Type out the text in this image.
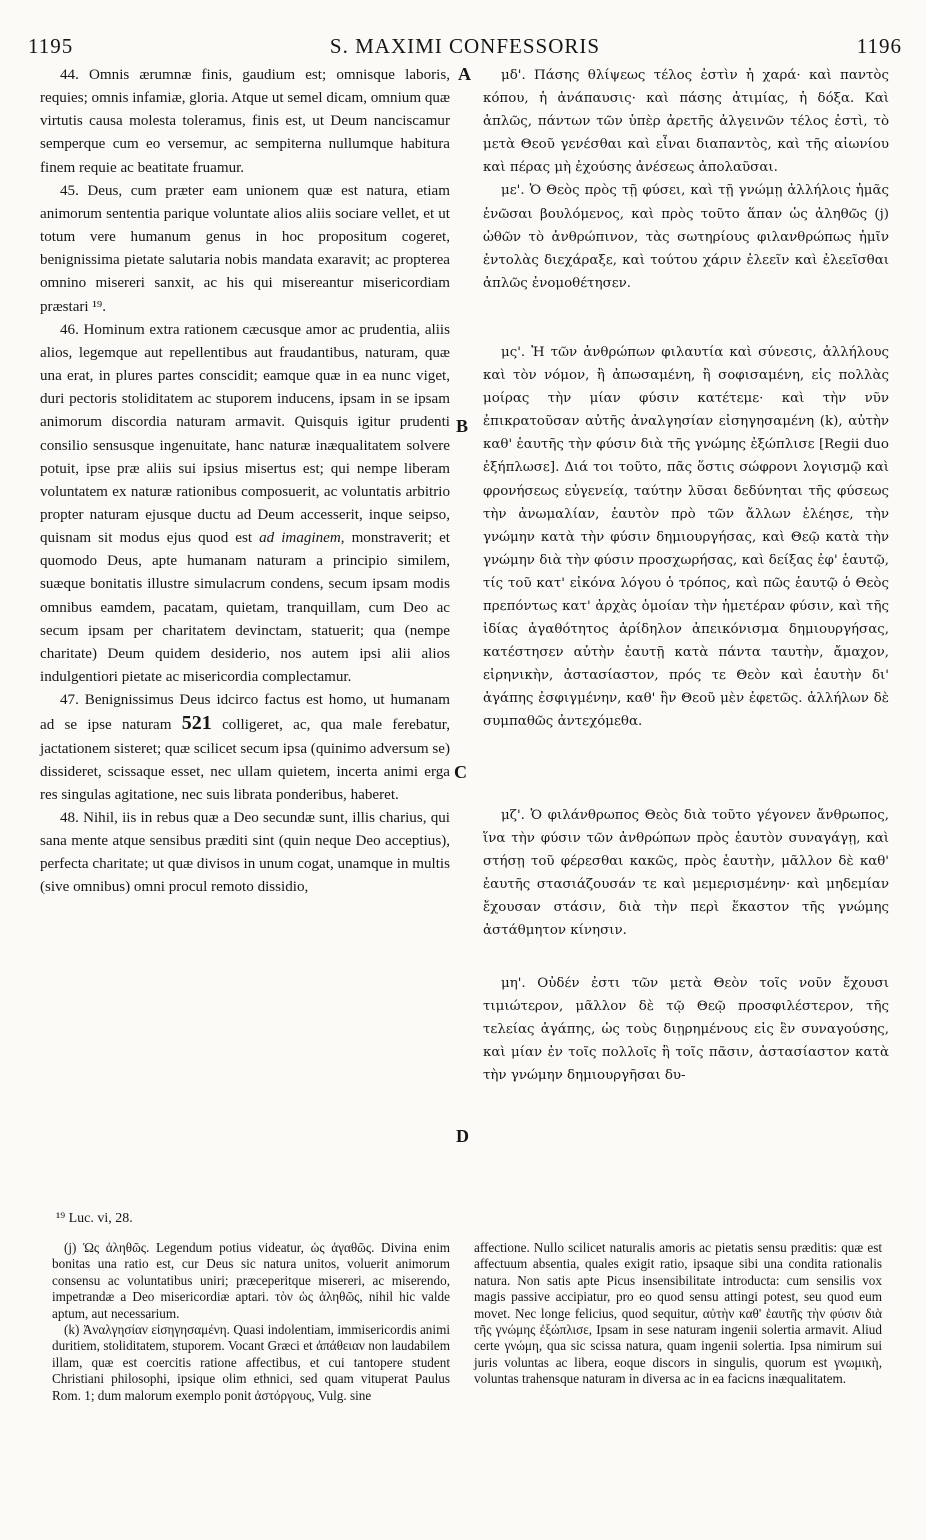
1195	S. MAXIMI CONFESSORIS	1196
A
B
C
D

44. Omnis ærumnæ finis, gaudium est; omnisque laboris, requies; omnis infamiæ, gloria. Atque ut semel dicam, omnium quæ virtutis causa molesta toleramus, finis est, ut Deum nanciscamur semperque cum eo versemur, ac sempiterna nullumque habitura finem requie ac beatitate fruamur.

45. Deus, cum præter eam unionem quæ est naturа, etiam animorum sententia parique voluntate alios aliis sociare vellet, et ut totum vere humanum genus in hoc propositum cogeret, benignissima pietate salutaria nobis mandata exaravit; ac propterea omnino misereri sanxit, ac his qui misereantur misericordiam præstari ¹⁹.

46. Hominum extra rationem cæcusque amor ac prudentia, aliis alios, legemque aut repellentibus aut fraudantibus, naturam, quæ una erat, in plures partes conscidit; eamque quæ in ea nunc viget, duri pectoris stoliditatem ac stuporem inducens, ipsam in se ipsam animorum discordia naturam armavit. Quisquis igitur prudenti consilio sensusque ingenuitate, hanc naturæ inæqualitatem solvere potuit, ipse præ aliis sui ipsius misertus est; qui nempe liberam voluntatem ex naturæ rationibus composuerit, ac voluntatis arbitrio propter naturam ejusque ductu ad Deum accesserit, inque seipso, quisnam sit modus ejus quod est ad imaginem, monstraverit; et quomodo Deus, apte humanam naturam a principio similem, suæque bonitatis illustre simulacrum condens, secum ipsam modis omnibus eamdem, pacatam, quietam, tranquillam, cum Deo ac secum ipsam per charitatem devinctam, statuerit; qua (nempe charitate) Deum quidem desiderio, nos autem ipsi alii alios indulgentiori pietate ac misericordia complectamur.

47. Benignissimus Deus idcirco factus est homo, ut humanam ad se ipse naturam 521 colligeret, ac, qua male ferebatur, jactationem sisteret; quæ scilicet secum ipsa (quinimo adversum se) dissideret, scissaque esset, nec ullam quietem, incerta animi erga res singulas agitatione, nec suis librata ponderibus, haberet.

48. Nihil, iis in rebus quæ a Deo secundæ sunt, illis charius, qui sana mente atque sensibus præditi sint (quin neque Deo acceptius), perfecta charitate; ut quæ divisos in unum cogat, unamque in multis (sive omnibus) omni procul remoto dissidio,

μδ'. Πάσης θλίψεως τέλος ἐστὶν ἡ χαρά· καὶ παντὸς κόπου, ἡ ἀνάπαυσις· καὶ πάσης ἀτιμίας, ἡ δόξα. Καὶ ἁπλῶς, πάντων τῶν ὑπὲρ ἀρετῆς ἀλγεινῶν τέλος ἐστὶ, τὸ μετὰ Θεοῦ γενέσθαι καὶ εἶναι διαπαντὸς, καὶ τῆς αἰωνίου καὶ πέρας μὴ ἐχούσης ἀνέσεως ἀπολαῦσαι.

με'. Ὁ Θεὸς πρὸς τῇ φύσει, καὶ τῇ γνώμῃ ἀλλήλοις ἡμᾶς ἑνῶσαι βουλόμενος, καὶ πρὸς τοῦτο ἅπαν ὡς ἀληθῶς (j) ὠθῶν τὸ ἀνθρώπινον, τὰς σωτηρίους φιλανθρώπως ἡμῖν ἐντολὰς διεχάραξε, καὶ τούτου χάριν ἐλεεῖν καὶ ἐλεεῖσθαι ἁπλῶς ἐνομοθέτησεν.

μς'. Ἡ τῶν ἀνθρώπων φιλαυτία καὶ σύνεσις, ἀλλήλους καὶ τὸν νόμον, ἢ ἀπωσαμένη, ἢ σοφισαμένη, εἰς πολλὰς μοίρας τὴν μίαν φύσιν κατέτεμε· καὶ τὴν νῦν ἐπικρατοῦσαν αὐτῆς ἀναλγησίαν εἰσηγησαμένη (k), αὐτὴν καθ' ἑαυτῆς τὴν φύσιν διὰ τῆς γνώμης ἐξώπλισε [Regii duo ἐξήπλωσε]. Διά τοι τοῦτο, πᾶς ὅστις σώφρονι λογισμῷ καὶ φρονήσεως εὐγενείᾳ, ταύτην λῦσαι δεδύνηται τῆς φύσεως τὴν ἀνωμαλίαν, ἑαυτὸν πρὸ τῶν ἄλλων ἐλέησε, τὴν γνώμην κατὰ τὴν φύσιν δημιουργήσας, καὶ Θεῷ κατὰ τὴν γνώμην διὰ τὴν φύσιν προσχωρήσας, καὶ δείξας ἐφ' ἑαυτῷ, τίς τοῦ κατ' εἰκόνα λόγου ὁ τρόπος, καὶ πῶς ἑαυτῷ ὁ Θεὸς πρεπόντως κατ' ἀρχὰς ὁμοίαν τὴν ἡμετέραν φύσιν, καὶ τῆς ἰδίας ἀγαθότητος ἀρίδηλον ἀπεικόνισμα δημιουργήσας, κατέστησεν αὐτὴν ἑαυτῇ κατὰ πάντα ταυτὴν, ἄμαχον, εἰρηνικὴν, ἀστασίαστον, πρός τε Θεὸν καὶ ἑαυτὴν δι' ἀγάπης ἐσφιγμένην, καθ' ἣν Θεοῦ μὲν ἐφετῶς. ἀλλήλων δὲ συμπαθῶς ἀντεχόμεθα.

μζ'. Ὁ φιλάνθρωπος Θεὸς διὰ τοῦτο γέγονεν ἄνθρωπος, ἵνα τὴν φύσιν τῶν ἀνθρώπων πρὸς ἑαυτὸν συναγάγῃ, καὶ στήσῃ τοῦ φέρεσθαι κακῶς, πρὸς ἑαυτὴν, μᾶλλον δὲ καθ' ἑαυτῆς στασιάζουσάν τε καὶ μεμερισμένην· καὶ μηδεμίαν ἔχουσαν στάσιν, διὰ τὴν περὶ ἕκαστον τῆς γνώμης ἀστάθμητον κίνησιν.

μη'. Οὐδέν ἐστι τῶν μετὰ Θεὸν τοῖς νοῦν ἔχουσι τιμιώτερον, μᾶλλον δὲ τῷ Θεῷ προσφιλέστερον, τῆς τελείας ἀγάπης, ὡς τοὺς διῃρημένους εἰς ἓν συναγούσης, καὶ μίαν ἐν τοῖς πολλοῖς ἢ τοῖς πᾶσιν, ἀστασίαστον κατὰ τὴν γνώμην δημιουργῆσαι δυ-

¹⁹ Luc. vi, 28.

(j) Ὡς ἀληθῶς. Legendum potius videatur, ὡς ἀγαθῶς. Divina enim bonitas una ratio est, cur Deus sic natura unitos, voluerit animorum consensu ac voluntatibus uniri; præceperitque misereri, ac miserendo, impetrandæ a Deo misericordiæ aptari. τὸν ὡς ἀληθῶς, nihil hic valde aptum, aut necessarium.

(k) Ἀναλγησίαν εἰσηγησαμένη. Quasi indolentiam, immisericordis animi duritiem, stoliditatem, stuporem. Vocant Græci et ἀπάθειαν non laudabilem illam, quæ est coercitis ratione affectibus, et cui tantopere student Christiani philosophi, ipsique olim ethnici, sed quam vituperat Paulus Rom. 1; dum malorum exemplo ponit ἀστόργους, Vulg. sine

affectione. Nullo scilicet naturalis amoris ac pietatis sensu præditis: quæ est affectuum absentia, quales exigit ratio, ipsaque sibi una condita rationalis natura. Non satis apte Picus insensibilitate introducta: cum sensilis vox magis passive accipiatur, pro eo quod sensu attingi potest, seu quod eum movet. Nec longe felicius, quod sequitur, αὐτὴν καθ' ἑαυτῆς τὴν φύσιν διὰ τῆς γνώμης ἐξώπλισε, Ipsam in sese naturam ingenii solertia armavit. Aliud certe γνώμη, qua sic scissa natura, quam ingenii solertia. Ipsa nimirum sui juris voluntas ac libera, eoque discors in singulis, quorum est γνωμικὴ, voluntas trahensque naturam in diversa ac in ea facicns inæqualitatem.
